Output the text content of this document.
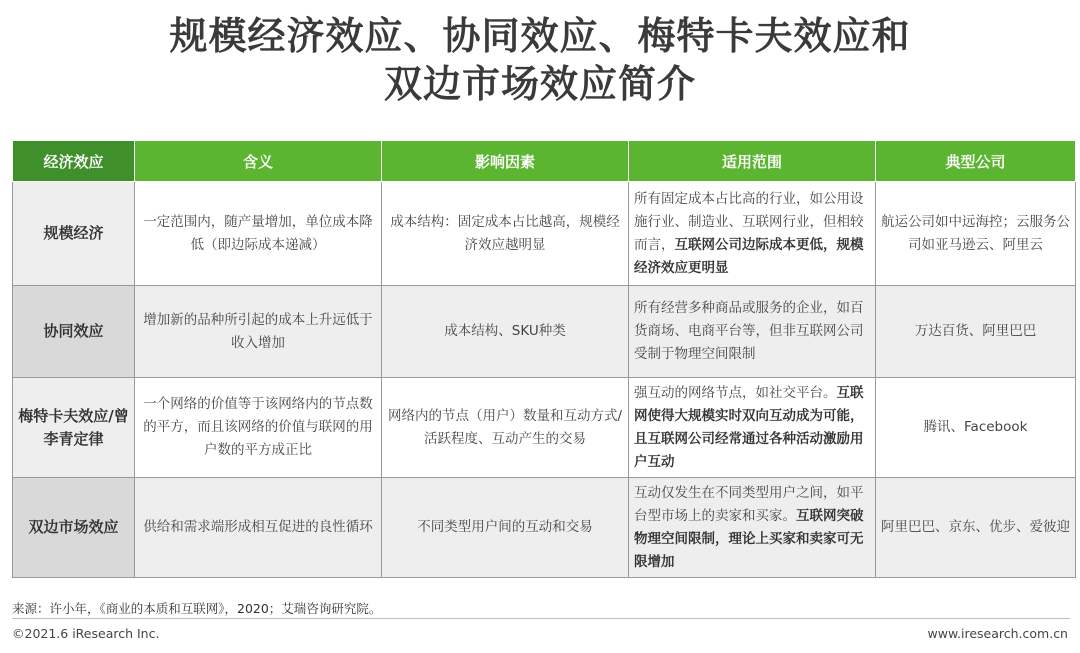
规模经济效应、协同效应、梅特卡夫效应和
双边市场效应简介
经济效应	含义	影响因素	适用范围	典型公司
规模经济	一定范围内，随产量增加，单位成本降低（即边际成本递减）	成本结构：固定成本占比越高，规模经济效应越明显	所有固定成本占比高的行业，如公用设施行业、制造业、互联网行业，但相较而言，互联网公司边际成本更低，规模经济效应更明显	航运公司如中远海控；云服务公司如亚马逊云、阿里云
协同效应	增加新的品种所引起的成本上升远低于收入增加	成本结构、SKU种类	所有经营多种商品或服务的企业，如百货商场、电商平台等，但非互联网公司受制于物理空间限制	万达百货、阿里巴巴
梅特卡夫效应/曾李青定律	一个网络的价值等于该网络内的节点数的平方，而且该网络的价值与联网的用户数的平方成正比	网络内的节点（用户）数量和互动方式/活跃程度、互动产生的交易	强互动的网络节点，如社交平台。互联网使得大规模实时双向互动成为可能，且互联网公司经常通过各种活动激励用户互动	腾讯、Facebook
双边市场效应	供给和需求端形成相互促进的良性循环	不同类型用户间的互动和交易	互动仅发生在不同类型用户之间，如平台型市场上的卖家和买家。互联网突破物理空间限制，理论上买家和卖家可无限增加	阿里巴巴、京东、优步、爱彼迎
来源：许小年，《商业的本质和互联网》，2020；艾瑞咨询研究院。
©2021.6 iResearch Inc.	www.iresearch.com.cn
